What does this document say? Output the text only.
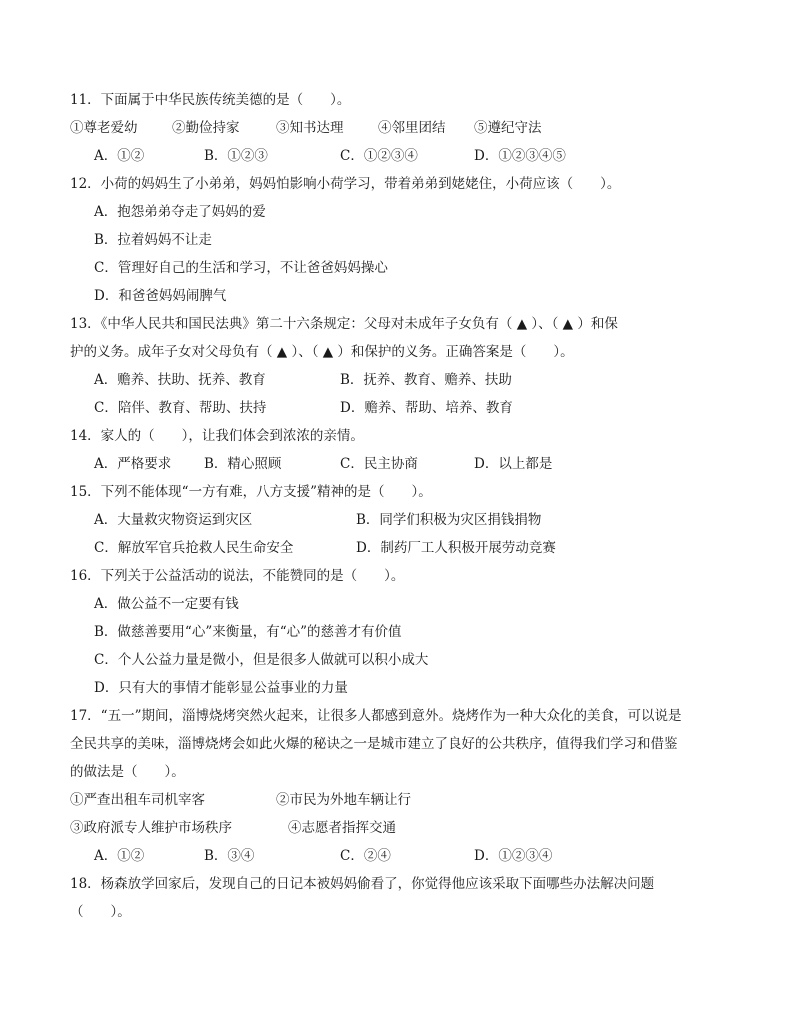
11．下面属于中华民族传统美德的是（　　）。
①尊老爱幼	②勤俭持家	③知书达理	④邻里团结 ⑤遵纪守法
A．①②	B．①②③	C．①②③④	D．①②③④⑤
12．小荷的妈妈生了小弟弟，妈妈怕影响小荷学习，带着弟弟到姥姥住，小荷应该（　　）。
A．抱怨弟弟夺走了妈妈的爱
B．拉着妈妈不让走
C．管理好自己的生活和学习，不让爸爸妈妈操心
D．和爸爸妈妈闹脾气
13．《中华人民共和国民法典》第二十六条规定：父母对未成年子女负有（ ▲ ）、（ ▲ ）和保
护的义务。成年子女对父母负有（ ▲ ）、（ ▲ ）和保护的义务。正确答案是（　　）。
A．赡养、扶助、抚养、教育	B．抚养、教育、赡养、扶助
C．陪伴、教育、帮助、扶持	D．赡养、帮助、培养、教育
14．家人的（　　），让我们体会到浓浓的亲情。
A．严格要求 B．精心照顾	C．民主协商	D．以上都是
15．下列不能体现“一方有难，八方支援”精神的是（　　）。
A．大量救灾物资运到灾区	B．同学们积极为灾区捐钱捐物
C．解放军官兵抢救人民生命安全	D．制药厂工人积极开展劳动竞赛
16．下列关于公益活动的说法，不能赞同的是（　　）。
A．做公益不一定要有钱
B．做慈善要用“心”来衡量，有“心”的慈善才有价值
C．个人公益力量是微小，但是很多人做就可以积小成大
D．只有大的事情才能彰显公益事业的力量
17．“五一”期间，淄博烧烤突然火起来，让很多人都感到意外。烧烤作为一种大众化的美食，可以说是
全民共享的美味，淄博烧烤会如此火爆的秘诀之一是城市建立了良好的公共秩序，值得我们学习和借鉴
的做法是（　　）。
①严查出租车司机宰客	②市民为外地车辆让行
③政府派专人维护市场秩序	④志愿者指挥交通
A．①②	B．③④	C．②④	D．①②③④
18．杨森放学回家后，发现自己的日记本被妈妈偷看了，你觉得他应该采取下面哪些办法解决问题
（　　）。
